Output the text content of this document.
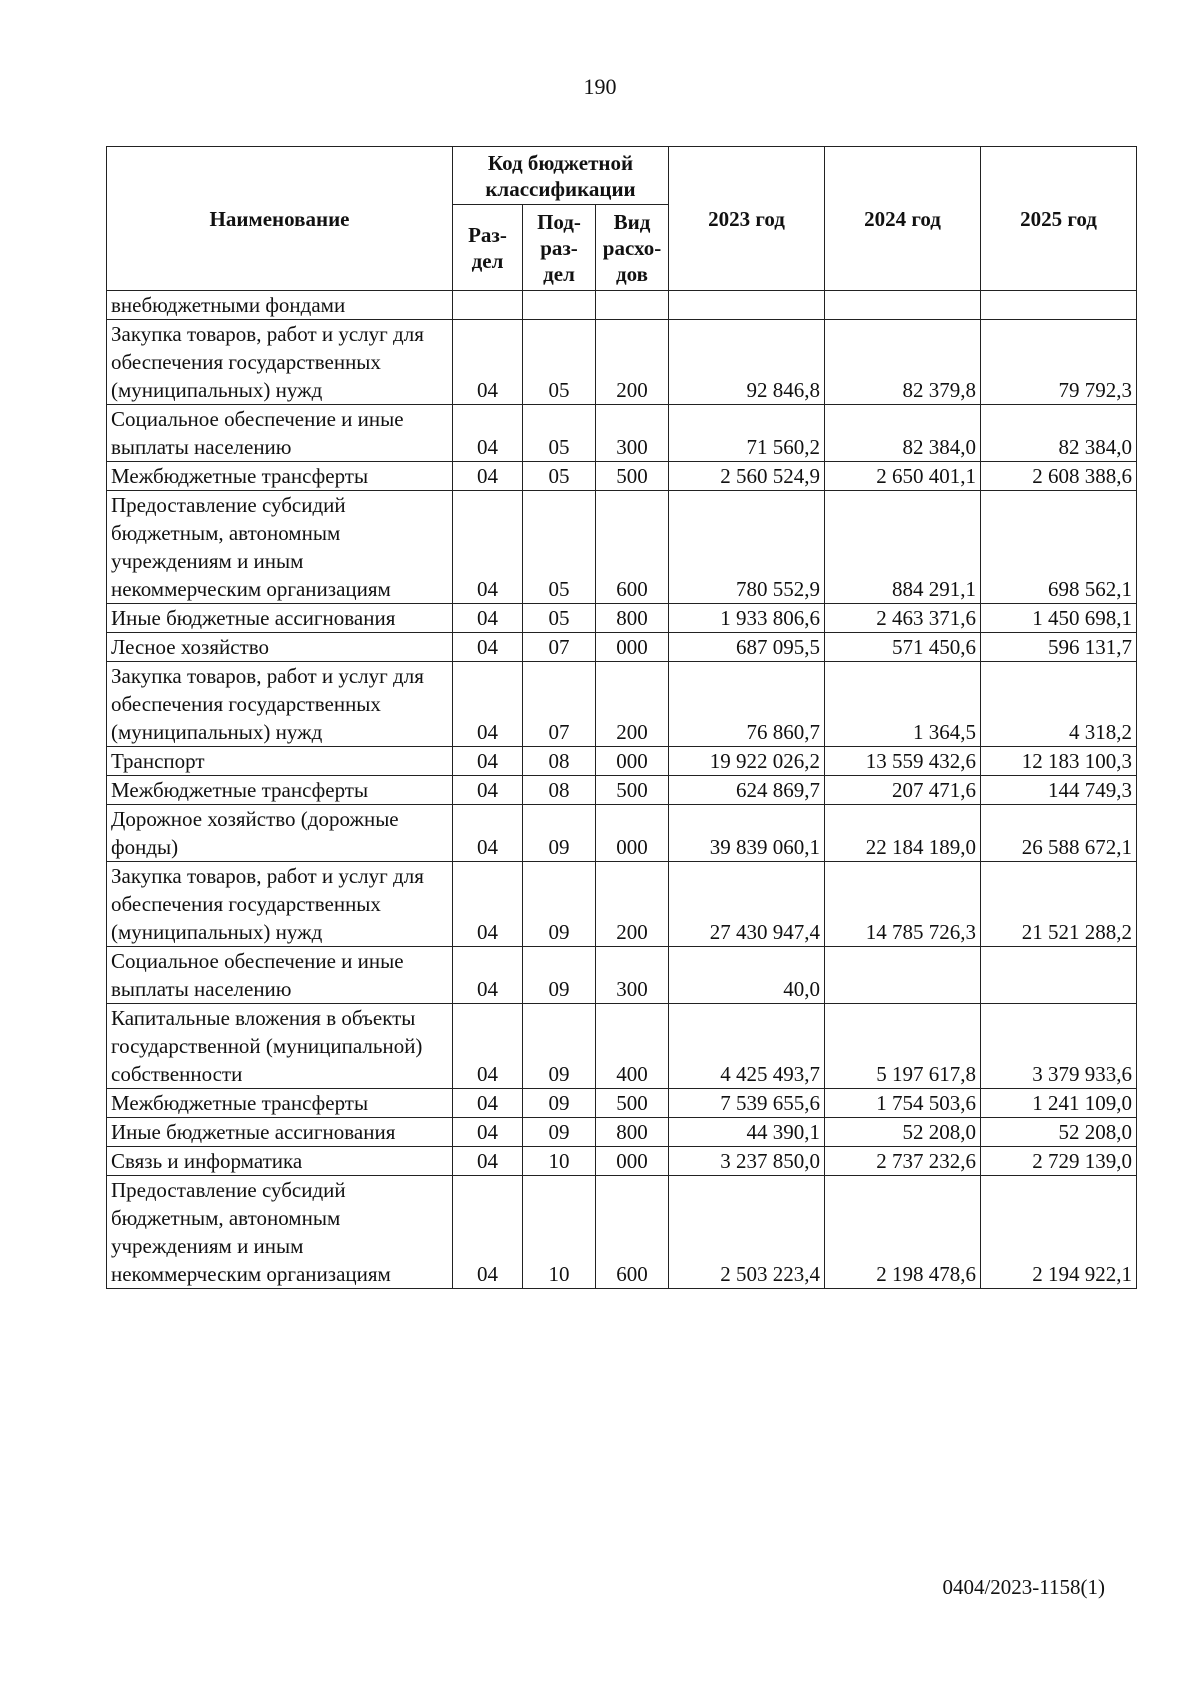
190
Наименование	Код бюджетной классификации			2023 год	2024 год	2025 год
	Раз- дел	Под- раз- дел	Вид расхо- дов			
внебюджетными фондами						
Закупка товаров, работ и услуг для обеспечения государственных (муниципальных) нужд	04	05	200	92 846,8	82 379,8	79 792,3
Социальное обеспечение и иные выплаты населению	04	05	300	71 560,2	82 384,0	82 384,0
Межбюджетные трансферты	04	05	500	2 560 524,9	2 650 401,1	2 608 388,6
Предоставление субсидий бюджетным, автономным учреждениям и иным некоммерческим организациям	04	05	600	780 552,9	884 291,1	698 562,1
Иные бюджетные ассигнования	04	05	800	1 933 806,6	2 463 371,6	1 450 698,1
Лесное хозяйство	04	07	000	687 095,5	571 450,6	596 131,7
Закупка товаров, работ и услуг для обеспечения государственных (муниципальных) нужд	04	07	200	76 860,7	1 364,5	4 318,2
Транспорт	04	08	000	19 922 026,2	13 559 432,6	12 183 100,3
Межбюджетные трансферты	04	08	500	624 869,7	207 471,6	144 749,3
Дорожное хозяйство (дорожные фонды)	04	09	000	39 839 060,1	22 184 189,0	26 588 672,1
Закупка товаров, работ и услуг для обеспечения государственных (муниципальных) нужд	04	09	200	27 430 947,4	14 785 726,3	21 521 288,2
Социальное обеспечение и иные выплаты населению	04	09	300	40,0		
Капитальные вложения в объекты государственной (муниципальной) собственности	04	09	400	4 425 493,7	5 197 617,8	3 379 933,6
Межбюджетные трансферты	04	09	500	7 539 655,6	1 754 503,6	1 241 109,0
Иные бюджетные ассигнования	04	09	800	44 390,1	52 208,0	52 208,0
Связь и информатика	04	10	000	3 237 850,0	2 737 232,6	2 729 139,0
Предоставление субсидий бюджетным, автономным учреждениям и иным некоммерческим организациям	04	10	600	2 503 223,4	2 198 478,6	2 194 922,1
0404/2023-1158(1)
